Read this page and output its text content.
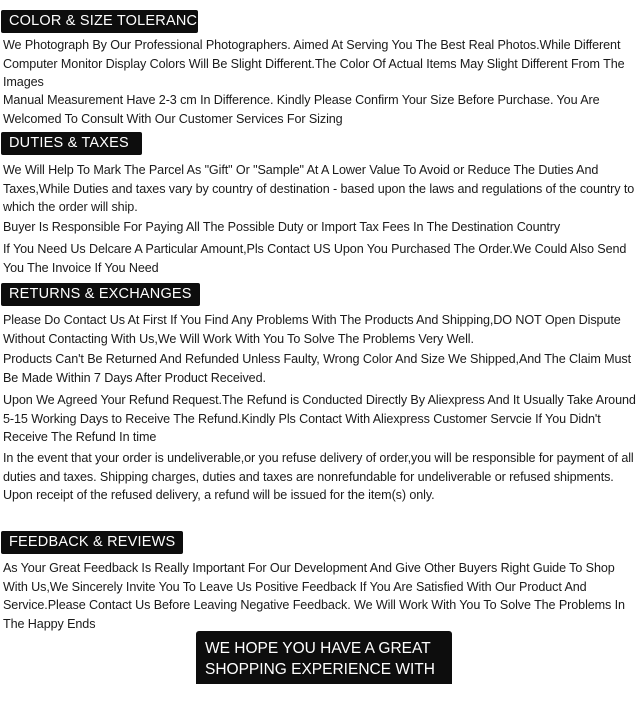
COLOR & SIZE TOLERANCE

We Photograph By Our Professional Photographers. Aimed At Serving You The Best Real Photos.While Different Computer Monitor Display Colors Will Be Slight Different.The Color Of Actual Items May Slight Different From The Images

Manual Measurement Have 2-3 cm In Difference. Kindly Please Confirm Your Size Before Purchase. You Are Welcomed To Consult With Our Customer Services For Sizing

DUTIES & TAXES

We Will Help To Mark The Parcel As "Gift" Or "Sample" At A Lower Value To Avoid or Reduce The Duties And Taxes,While Duties and taxes vary by country of destination - based upon the laws and regulations of the country to which the order will ship.

Buyer Is Responsible For Paying All The Possible Duty or Import Tax Fees In The Destination Country

If You Need Us Delcare A Particular Amount,Pls Contact US Upon You Purchased The Order.We Could Also Send You The Invoice If You Need

RETURNS & EXCHANGES

Please Do Contact Us At First If You Find Any Problems With The Products And Shipping,DO NOT Open Dispute Without Contacting With Us,We Will Work With You To Solve The Problems Very Well.

Products Can't Be Returned And Refunded Unless Faulty, Wrong Color And Size We Shipped,And The Claim Must Be Made Within 7 Days After Product Received.

Upon We Agreed Your Refund Request.The Refund is Conducted Directly By Aliexpress And It Usually Take Around 5-15 Working Days to Receive The Refund.Kindly Pls Contact With Aliexpress Customer Servcie If You Didn't Receive The Refund In time

In the event that your order is undeliverable,or you refuse delivery of order,you will be responsible for payment of all duties and taxes. Shipping charges, duties and taxes are nonrefundable for undeliverable or refused shipments. Upon receipt of the refused delivery, a refund will be issued for the item(s) only.

FEEDBACK & REVIEWS

As Your Great Feedback Is Really Important For Our Development And Give Other Buyers Right Guide To Shop With Us,We Sincerely Invite You To Leave Us Positive Feedback If You Are Satisfied With Our Product And Service.Please Contact Us Before Leaving Negative Feedback. We Will Work With You To Solve The Problems In The Happy Ends

WE HOPE YOU HAVE A GREAT
SHOPPING EXPERIENCE WITH US
